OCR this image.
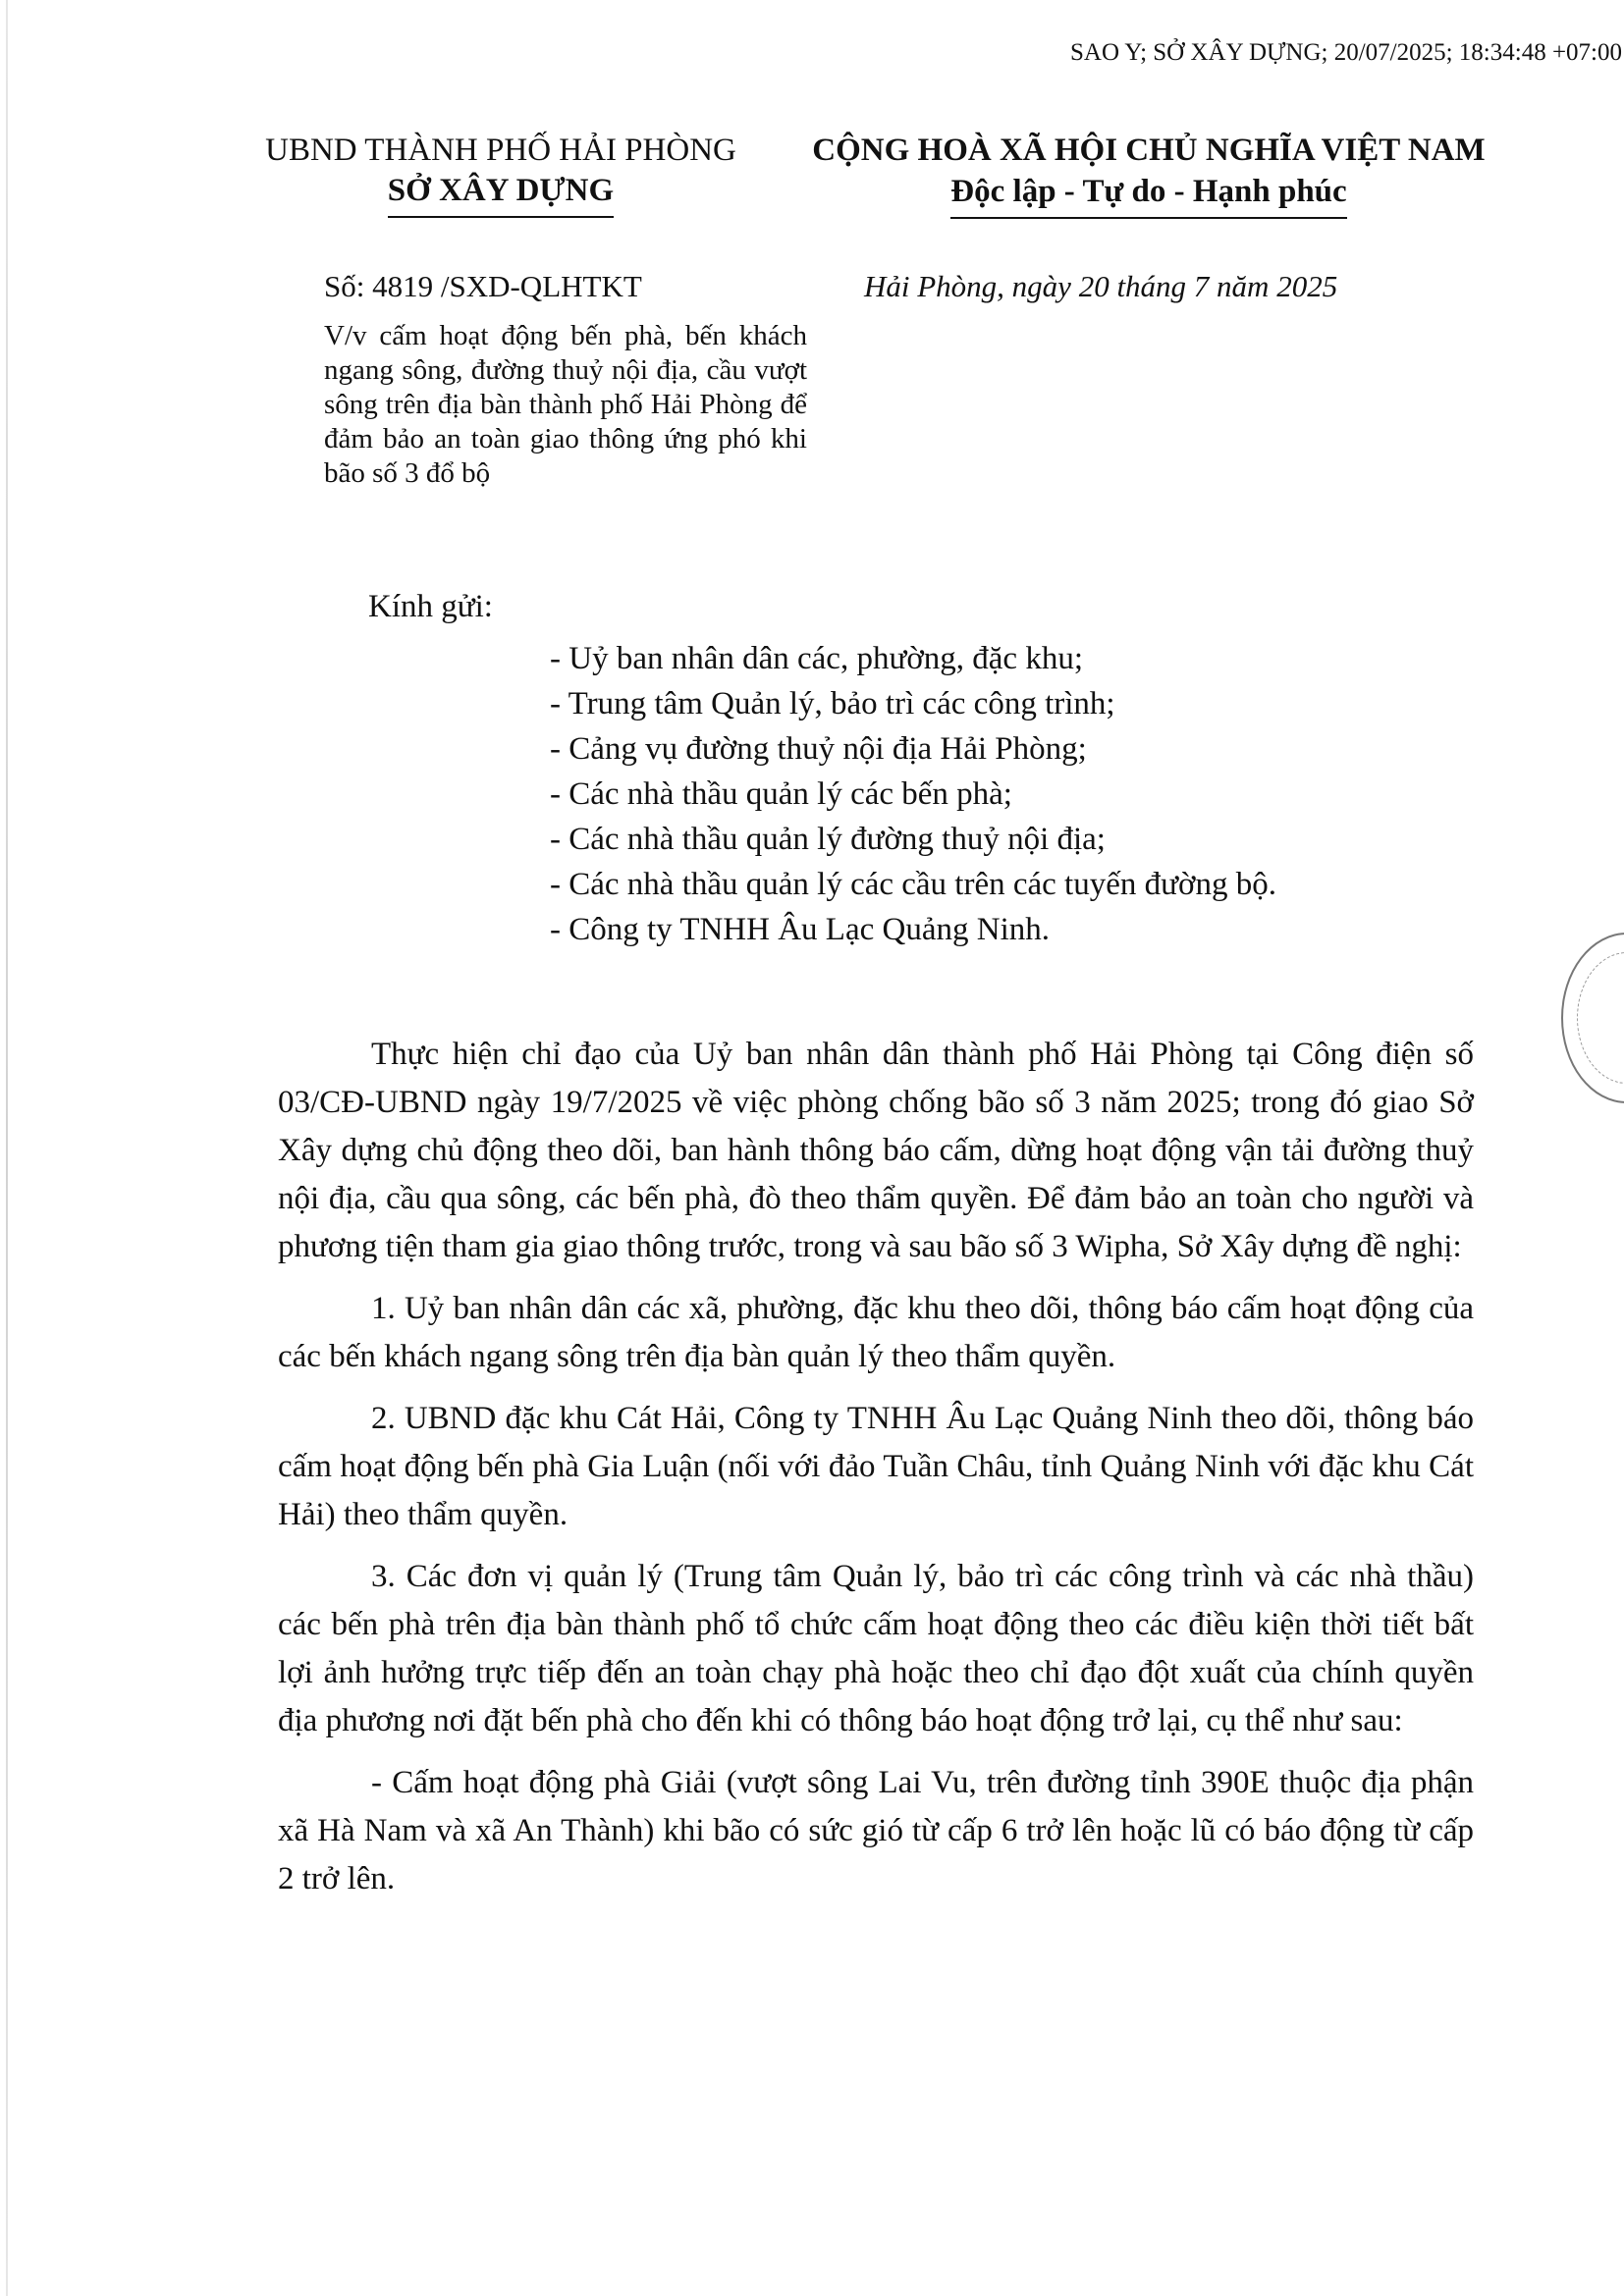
SAO Y; SỞ XÂY DỰNG; 20/07/2025; 18:34:48 +07:00
UBND THÀNH PHỐ HẢI PHÒNG
SỞ XÂY DỰNG
CỘNG HOÀ XÃ HỘI CHỦ NGHĨA VIỆT NAM
Độc lập - Tự do - Hạnh phúc
Số: 4819 /SXD-QLHTKT	Hải Phòng, ngày 20 tháng 7 năm 2025
V/v cấm hoạt động bến phà, bến khách ngang sông, đường thuỷ nội địa, cầu vượt sông trên địa bàn thành phố Hải Phòng để đảm bảo an toàn giao thông ứng phó khi bão số 3 đổ bộ
Kính gửi:
- Uỷ ban nhân dân các, phường, đặc khu;
- Trung tâm Quản lý, bảo trì các công trình;
- Cảng vụ đường thuỷ nội địa Hải Phòng;
- Các nhà thầu quản lý các bến phà;
- Các nhà thầu quản lý đường thuỷ nội địa;
- Các nhà thầu quản lý các cầu trên các tuyến đường bộ.
- Công ty TNHH Âu Lạc Quảng Ninh.

Thực hiện chỉ đạo của Uỷ ban nhân dân thành phố Hải Phòng tại Công điện số 03/CĐ-UBND ngày 19/7/2025 về việc phòng chống bão số 3 năm 2025; trong đó giao Sở Xây dựng chủ động theo dõi, ban hành thông báo cấm, dừng hoạt động vận tải đường thuỷ nội địa, cầu qua sông, các bến phà, đò theo thẩm quyền. Để đảm bảo an toàn cho người và phương tiện tham gia giao thông trước, trong và sau bão số 3 Wipha, Sở Xây dựng đề nghị:

1. Uỷ ban nhân dân các xã, phường, đặc khu theo dõi, thông báo cấm hoạt động của các bến khách ngang sông trên địa bàn quản lý theo thẩm quyền.

2. UBND đặc khu Cát Hải, Công ty TNHH Âu Lạc Quảng Ninh theo dõi, thông báo cấm hoạt động bến phà Gia Luận (nối với đảo Tuần Châu, tỉnh Quảng Ninh với đặc khu Cát Hải) theo thẩm quyền.

3. Các đơn vị quản lý (Trung tâm Quản lý, bảo trì các công trình và các nhà thầu) các bến phà trên địa bàn thành phố tổ chức cấm hoạt động theo các điều kiện thời tiết bất lợi ảnh hưởng trực tiếp đến an toàn chạy phà hoặc theo chỉ đạo đột xuất của chính quyền địa phương nơi đặt bến phà cho đến khi có thông báo hoạt động trở lại, cụ thể như sau:

- Cấm hoạt động phà Giải (vượt sông Lai Vu, trên đường tỉnh 390E thuộc địa phận xã Hà Nam và xã An Thành) khi bão có sức gió từ cấp 6 trở lên hoặc lũ có báo động từ cấp 2 trở lên.
